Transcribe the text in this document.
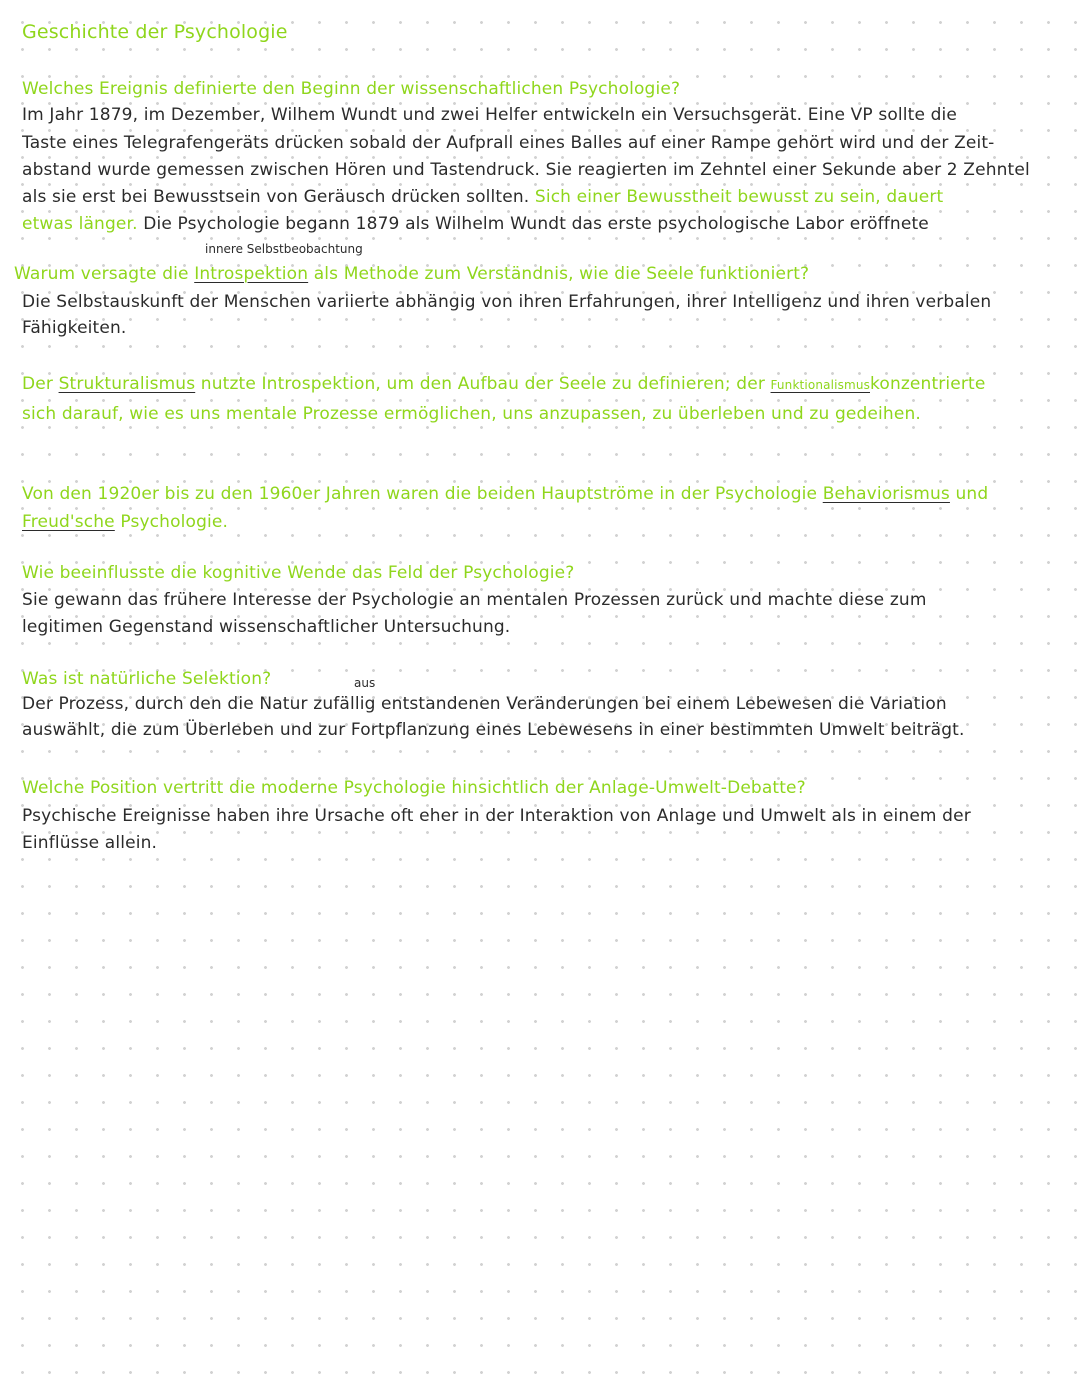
Geschichte der Psychologie
Welches Ereignis definierte den Beginn der wissenschaftlichen Psychologie?
Im Jahr 1879, im Dezember, Wilhem Wundt und zwei Helfer entwickeln ein Versuchsgerät. Eine VP sollte die
Taste eines Telegrafengeräts drücken sobald der Aufprall eines Balles auf einer Rampe gehört wird und der Zeit-
abstand wurde gemessen zwischen Hören und Tastendruck. Sie reagierten im Zehntel einer Sekunde aber 2 Zehntel
als sie erst bei Bewusstsein von Geräusch drücken sollten. Sich einer Bewusstheit bewusst zu sein, dauert
etwas länger. Die Psychologie begann 1879 als Wilhelm Wundt das erste psychologische Labor eröffnete
innere Selbstbeobachtung
Warum versagte die Introspektion als Methode zum Verständnis, wie die Seele funktioniert?
Die Selbstauskunft der Menschen variierte abhängig von ihren Erfahrungen, ihrer Intelligenz und ihren verbalen
Fähigkeiten.
Der Strukturalismus nutzte Introspektion, um den Aufbau der Seele zu definieren; der Funktionalismuskonzentrierte
sich darauf, wie es uns mentale Prozesse ermöglichen, uns anzupassen, zu überleben und zu gedeihen.
Von den 1920er bis zu den 1960er Jahren waren die beiden Hauptströme in der Psychologie Behaviorismus und
Freud'sche Psychologie.
Wie beeinflusste die kognitive Wende das Feld der Psychologie?
Sie gewann das frühere Interesse der Psychologie an mentalen Prozessen zurück und machte diese zum
legitimen Gegenstand wissenschaftlicher Untersuchung.
aus
Was ist natürliche Selektion?
Der Prozess, durch den die Natur zufällig entstandenen Veränderungen bei einem Lebewesen die Variation
auswählt, die zum Überleben und zur Fortpflanzung eines Lebewesens in einer bestimmten Umwelt beiträgt.
Welche Position vertritt die moderne Psychologie hinsichtlich der Anlage-Umwelt-Debatte?
Psychische Ereignisse haben ihre Ursache oft eher in der Interaktion von Anlage und Umwelt als in einem der
Einflüsse allein.
